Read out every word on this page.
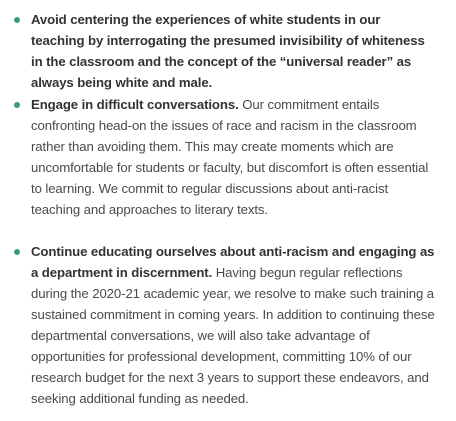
Avoid centering the experiences of white students in our teaching by interrogating the presumed invisibility of whiteness in the classroom and the concept of the “universal reader” as always being white and male.

Engage in difficult conversations. Our commitment entails confronting head-on the issues of race and racism in the classroom rather than avoiding them. This may create moments which are uncomfortable for students or faculty, but discomfort is often essential to learning. We commit to regular discussions about anti-racist teaching and approaches to literary texts.

Continue educating ourselves about anti-racism and engaging as a department in discernment. Having begun regular reflections during the 2020-21 academic year, we resolve to make such training a sustained commitment in coming years. In addition to continuing these departmental conversations, we will also take advantage of opportunities for professional development, committing 10% of our research budget for the next 3 years to support these endeavors, and seeking additional funding as needed.
